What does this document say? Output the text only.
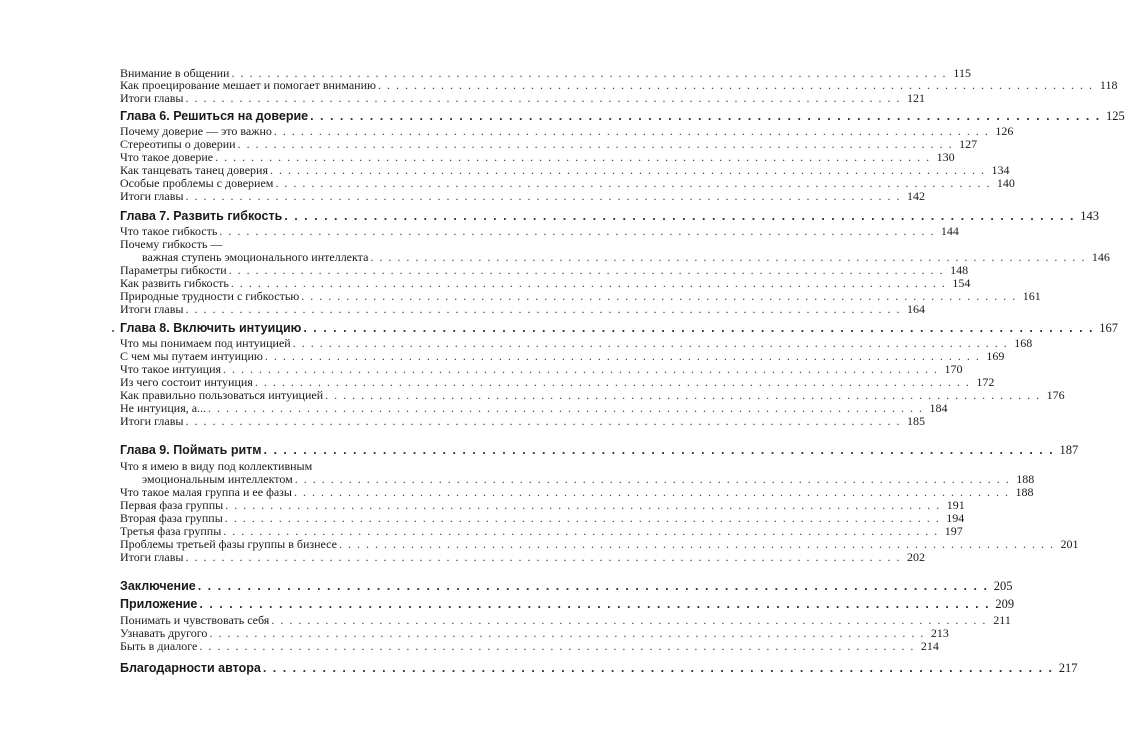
Внимание в общении . . . . . . . . . . . . . . . . . . . . . . . . . . . . . . . . . . . . . . . . . . . . . . . . . . . . . . . . . . . . . . . . . . . . . . . . . . . . . . . . 115
Как проецирование мешает и помогает вниманию . . . . . . . . . . . . . . . . . . . . . . . . . . . . . . . . . . . . . . . . . . . . . . . . . . . . . . . . . . . . . . . . . . . . . . . . . . . . . . . . 118
Итоги главы . . . . . . . . . . . . . . . . . . . . . . . . . . . . . . . . . . . . . . . . . . . . . . . . . . . . . . . . . . . . . . . . . . . . . . . . . . . . . . . . 121
Глава 6. Решиться на доверие . . . . . . . . . . . . . . . . . . . . . . . . . . . . . . . . . . . . . . . . . . . . . . . . . . . . . . . . . . . . . . . . . . . . . . . . . . . . . . . . 125
Почему доверие — это важно . . . . . . . . . . . . . . . . . . . . . . . . . . . . . . . . . . . . . . . . . . . . . . . . . . . . . . . . . . . . . . . . . . . . . . . . . . . . . . . . 126
Стереотипы о доверии . . . . . . . . . . . . . . . . . . . . . . . . . . . . . . . . . . . . . . . . . . . . . . . . . . . . . . . . . . . . . . . . . . . . . . . . . . . . . . . . 127
Что такое доверие . . . . . . . . . . . . . . . . . . . . . . . . . . . . . . . . . . . . . . . . . . . . . . . . . . . . . . . . . . . . . . . . . . . . . . . . . . . . . . . . 130
Как танцевать танец доверия . . . . . . . . . . . . . . . . . . . . . . . . . . . . . . . . . . . . . . . . . . . . . . . . . . . . . . . . . . . . . . . . . . . . . . . . . . . . . . . . 134
Особые проблемы с доверием . . . . . . . . . . . . . . . . . . . . . . . . . . . . . . . . . . . . . . . . . . . . . . . . . . . . . . . . . . . . . . . . . . . . . . . . . . . . . . . . 140
Итоги главы . . . . . . . . . . . . . . . . . . . . . . . . . . . . . . . . . . . . . . . . . . . . . . . . . . . . . . . . . . . . . . . . . . . . . . . . . . . . . . . . 142
Глава 7. Развить гибкость . . . . . . . . . . . . . . . . . . . . . . . . . . . . . . . . . . . . . . . . . . . . . . . . . . . . . . . . . . . . . . . . . . . . . . . . . . . . . . . . 143
Что такое гибкость . . . . . . . . . . . . . . . . . . . . . . . . . . . . . . . . . . . . . . . . . . . . . . . . . . . . . . . . . . . . . . . . . . . . . . . . . . . . . . . . 144
Почему гибкость —
важная ступень эмоционального интеллекта . . . . . . . . . . . . . . . . . . . . . . . . . . . . . . . . . . . . . . . . . . . . . . . . . . . . . . . . . . . . . . . . . . . . . . . . . . . . . . . . 146
Параметры гибкости . . . . . . . . . . . . . . . . . . . . . . . . . . . . . . . . . . . . . . . . . . . . . . . . . . . . . . . . . . . . . . . . . . . . . . . . . . . . . . . . 148
Как развить гибкость . . . . . . . . . . . . . . . . . . . . . . . . . . . . . . . . . . . . . . . . . . . . . . . . . . . . . . . . . . . . . . . . . . . . . . . . . . . . . . . . 154
Природные трудности с гибкостью . . . . . . . . . . . . . . . . . . . . . . . . . . . . . . . . . . . . . . . . . . . . . . . . . . . . . . . . . . . . . . . . . . . . . . . . . . . . . . . . 161
Итоги главы . . . . . . . . . . . . . . . . . . . . . . . . . . . . . . . . . . . . . . . . . . . . . . . . . . . . . . . . . . . . . . . . . . . . . . . . . . . . . . . . 164
Глава 8. Включить интуицию . . . . . . . . . . . . . . . . . . . . . . . . . . . . . . . . . . . . . . . . . . . . . . . . . . . . . . . . . . . . . . . . . . . . . . . . . . . . . . . . 167
Что мы понимаем под интуицией . . . . . . . . . . . . . . . . . . . . . . . . . . . . . . . . . . . . . . . . . . . . . . . . . . . . . . . . . . . . . . . . . . . . . . . . . . . . . . . . 168
С чем мы путаем интуицию . . . . . . . . . . . . . . . . . . . . . . . . . . . . . . . . . . . . . . . . . . . . . . . . . . . . . . . . . . . . . . . . . . . . . . . . . . . . . . . . 169
Что такое интуиция . . . . . . . . . . . . . . . . . . . . . . . . . . . . . . . . . . . . . . . . . . . . . . . . . . . . . . . . . . . . . . . . . . . . . . . . . . . . . . . . 170
Из чего состоит интуиция . . . . . . . . . . . . . . . . . . . . . . . . . . . . . . . . . . . . . . . . . . . . . . . . . . . . . . . . . . . . . . . . . . . . . . . . . . . . . . . . 172
Как правильно пользоваться интуицией . . . . . . . . . . . . . . . . . . . . . . . . . . . . . . . . . . . . . . . . . . . . . . . . . . . . . . . . . . . . . . . . . . . . . . . . . . . . . . . . 176
Не интуиция, а... . . . . . . . . . . . . . . . . . . . . . . . . . . . . . . . . . . . . . . . . . . . . . . . . . . . . . . . . . . . . . . . . . . . . . . . . . . . . . . . . 184
Итоги главы . . . . . . . . . . . . . . . . . . . . . . . . . . . . . . . . . . . . . . . . . . . . . . . . . . . . . . . . . . . . . . . . . . . . . . . . . . . . . . . . 185
Глава 9. Поймать ритм . . . . . . . . . . . . . . . . . . . . . . . . . . . . . . . . . . . . . . . . . . . . . . . . . . . . . . . . . . . . . . . . . . . . . . . . . . . . . . . . 187
Что я имею в виду под коллективным
эмоциональным интеллектом . . . . . . . . . . . . . . . . . . . . . . . . . . . . . . . . . . . . . . . . . . . . . . . . . . . . . . . . . . . . . . . . . . . . . . . . . . . . . . . . 188
Что такое малая группа и ее фазы . . . . . . . . . . . . . . . . . . . . . . . . . . . . . . . . . . . . . . . . . . . . . . . . . . . . . . . . . . . . . . . . . . . . . . . . . . . . . . . . 188
Первая фаза группы . . . . . . . . . . . . . . . . . . . . . . . . . . . . . . . . . . . . . . . . . . . . . . . . . . . . . . . . . . . . . . . . . . . . . . . . . . . . . . . . 191
Вторая фаза группы . . . . . . . . . . . . . . . . . . . . . . . . . . . . . . . . . . . . . . . . . . . . . . . . . . . . . . . . . . . . . . . . . . . . . . . . . . . . . . . . 194
Третья фаза группы . . . . . . . . . . . . . . . . . . . . . . . . . . . . . . . . . . . . . . . . . . . . . . . . . . . . . . . . . . . . . . . . . . . . . . . . . . . . . . . . 197
Проблемы третьей фазы группы в бизнесе . . . . . . . . . . . . . . . . . . . . . . . . . . . . . . . . . . . . . . . . . . . . . . . . . . . . . . . . . . . . . . . . . . . . . . . . . . . . . . . . 201
Итоги главы . . . . . . . . . . . . . . . . . . . . . . . . . . . . . . . . . . . . . . . . . . . . . . . . . . . . . . . . . . . . . . . . . . . . . . . . . . . . . . . . 202
Заключение . . . . . . . . . . . . . . . . . . . . . . . . . . . . . . . . . . . . . . . . . . . . . . . . . . . . . . . . . . . . . . . . . . . . . . . . . . . . . . . . 205
Приложение . . . . . . . . . . . . . . . . . . . . . . . . . . . . . . . . . . . . . . . . . . . . . . . . . . . . . . . . . . . . . . . . . . . . . . . . . . . . . . . . 209
Понимать и чувствовать себя . . . . . . . . . . . . . . . . . . . . . . . . . . . . . . . . . . . . . . . . . . . . . . . . . . . . . . . . . . . . . . . . . . . . . . . . . . . . . . . . 211
Узнавать другого . . . . . . . . . . . . . . . . . . . . . . . . . . . . . . . . . . . . . . . . . . . . . . . . . . . . . . . . . . . . . . . . . . . . . . . . . . . . . . . . 213
Быть в диалоге . . . . . . . . . . . . . . . . . . . . . . . . . . . . . . . . . . . . . . . . . . . . . . . . . . . . . . . . . . . . . . . . . . . . . . . . . . . . . . . . 214
Благодарности автора . . . . . . . . . . . . . . . . . . . . . . . . . . . . . . . . . . . . . . . . . . . . . . . . . . . . . . . . . . . . . . . . . . . . . . . . . . . . . . . . 217
